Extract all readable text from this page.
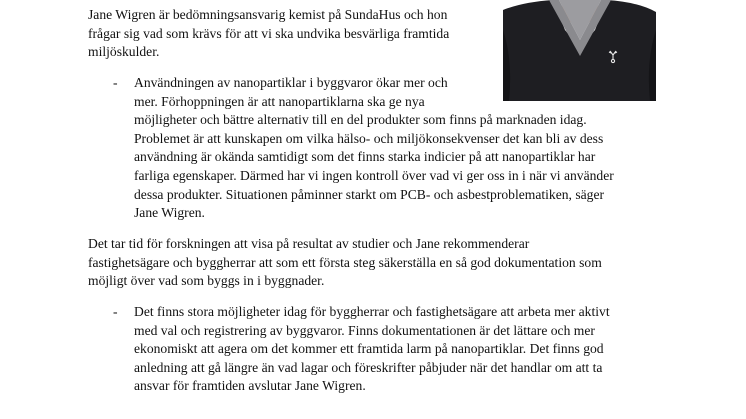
Jane Wigren är bedömningsansvarig kemist på SundaHus och hon
frågar sig vad som krävs för att vi ska undvika besvärliga framtida
miljöskulder.
- Användningen av nanopartiklar i byggvaror ökar mer och
mer. Förhoppningen är att nanopartiklarna ska ge nya
möjligheter och bättre alternativ till en del produkter som finns på marknaden idag.
Problemet är att kunskapen om vilka hälso- och miljökonsekvenser det kan bli av dess
användning är okända samtidigt som det finns starka indicier på att nanopartiklar har
farliga egenskaper. Därmed har vi ingen kontroll över vad vi ger oss in i när vi använder
dessa produkter. Situationen påminner starkt om PCB- och asbestproblematiken, säger
Jane Wigren.
Det tar tid för forskningen att visa på resultat av studier och Jane rekommenderar
fastighetsägare och byggherrar att som ett första steg säkerställa en så god dokumentation som
möjligt över vad som byggs in i byggnader.
- Det finns stora möjligheter idag för byggherrar och fastighetsägare att arbeta mer aktivt
med val och registrering av byggvaror. Finns dokumentationen är det lättare och mer
ekonomiskt att agera om det kommer ett framtida larm på nanopartiklar. Det finns god
anledning att gå längre än vad lagar och föreskrifter påbjuder när det handlar om att ta
ansvar för framtiden avslutar Jane Wigren.
